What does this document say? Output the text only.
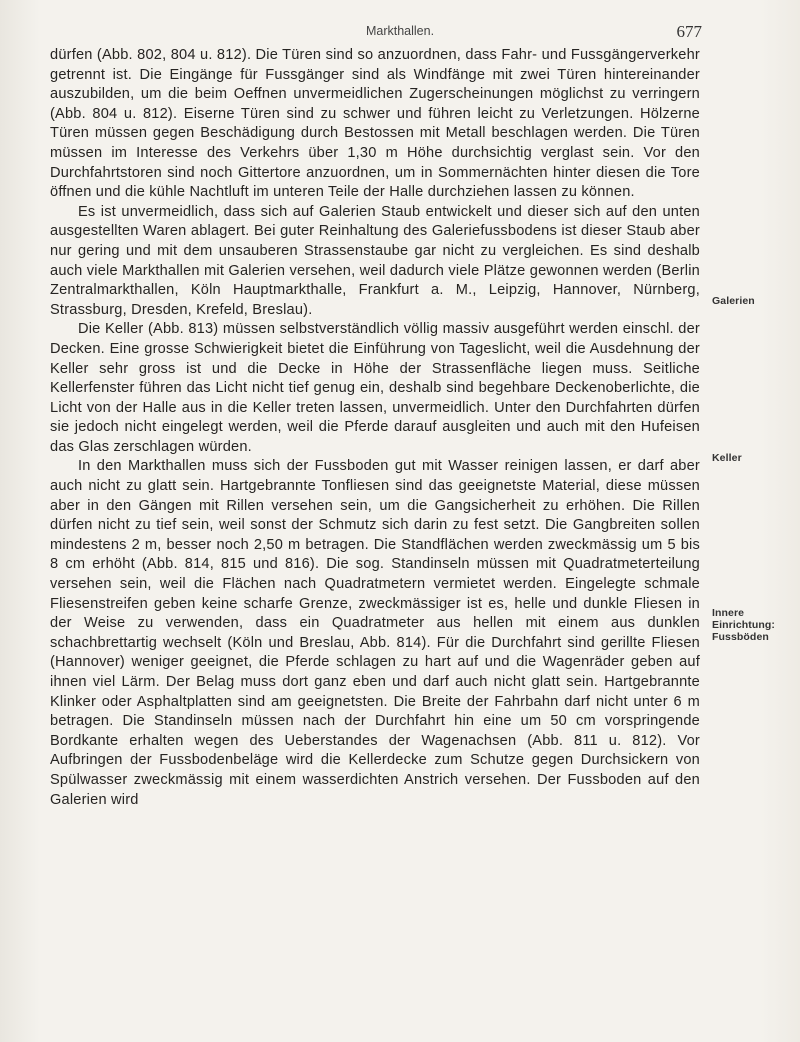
Markthallen.	677

dürfen (Abb. 802, 804 u. 812). Die Türen sind so anzuordnen, dass Fahr- und Fussgängerverkehr getrennt ist. Die Eingänge für Fussgänger sind als Windfänge mit zwei Türen hintereinander auszubilden, um die beim Oeffnen unvermeidlichen Zugerscheinungen möglichst zu verringern (Abb. 804 u. 812). Eiserne Türen sind zu schwer und führen leicht zu Verletzungen. Hölzerne Türen müssen gegen Beschädigung durch Bestossen mit Metall beschlagen werden. Die Türen müssen im Interesse des Verkehrs über 1,30 m Höhe durchsichtig verglast sein. Vor den Durchfahrtstoren sind noch Gittertore anzuordnen, um in Sommernächten hinter diesen die Tore öffnen und die kühle Nachtluft im unteren Teile der Halle durchziehen lassen zu können.

Es ist unvermeidlich, dass sich auf Galerien Staub entwickelt und dieser sich auf den unten ausgestellten Waren ablagert. Bei guter Reinhaltung des Galeriefussbodens ist dieser Staub aber nur gering und mit dem unsauberen Strassenstaube gar nicht zu vergleichen. Es sind deshalb auch viele Markthallen mit Galerien versehen, weil dadurch viele Plätze gewonnen werden (Berlin Zentralmarkthallen, Köln Hauptmarkthalle, Frankfurt a. M., Leipzig, Hannover, Nürnberg, Strassburg, Dresden, Krefeld, Breslau).

Die Keller (Abb. 813) müssen selbstverständlich völlig massiv ausgeführt werden einschl. der Decken. Eine grosse Schwierigkeit bietet die Einführung von Tageslicht, weil die Ausdehnung der Keller sehr gross ist und die Decke in Höhe der Strassenfläche liegen muss. Seitliche Kellerfenster führen das Licht nicht tief genug ein, deshalb sind begehbare Deckenoberlichte, die Licht von der Halle aus in die Keller treten lassen, unvermeidlich. Unter den Durchfahrten dürfen sie jedoch nicht eingelegt werden, weil die Pferde darauf ausgleiten und auch mit den Hufeisen das Glas zerschlagen würden.

In den Markthallen muss sich der Fussboden gut mit Wasser reinigen lassen, er darf aber auch nicht zu glatt sein. Hartgebrannte Tonfliesen sind das geeignetste Material, diese müssen aber in den Gängen mit Rillen versehen sein, um die Gangsicherheit zu erhöhen. Die Rillen dürfen nicht zu tief sein, weil sonst der Schmutz sich darin zu fest setzt. Die Gangbreiten sollen mindestens 2 m, besser noch 2,50 m betragen. Die Standflächen werden zweckmässig um 5 bis 8 cm erhöht (Abb. 814, 815 und 816). Die sog. Standinseln müssen mit Quadratmeterteilung versehen sein, weil die Flächen nach Quadratmetern vermietet werden. Eingelegte schmale Fliesenstreifen geben keine scharfe Grenze, zweckmässiger ist es, helle und dunkle Fliesen in der Weise zu verwenden, dass ein Quadratmeter aus hellen mit einem aus dunklen schachbrettartig wechselt (Köln und Breslau, Abb. 814). Für die Durchfahrt sind gerillte Fliesen (Hannover) weniger geeignet, die Pferde schlagen zu hart auf und die Wagenräder geben auf ihnen viel Lärm. Der Belag muss dort ganz eben und darf auch nicht glatt sein. Hartgebrannte Klinker oder Asphaltplatten sind am geeignetsten. Die Breite der Fahrbahn darf nicht unter 6 m betragen. Die Standinseln müssen nach der Durchfahrt hin eine um 50 cm vorspringende Bordkante erhalten wegen des Ueberstandes der Wagenachsen (Abb. 811 u. 812). Vor Aufbringen der Fussbodenbeläge wird die Kellerdecke zum Schutze gegen Durchsickern von Spülwasser zweckmässig mit einem wasserdichten Anstrich versehen. Der Fussboden auf den Galerien wird

Galerien
Keller
Innere
Einrichtung:
Fussböden
